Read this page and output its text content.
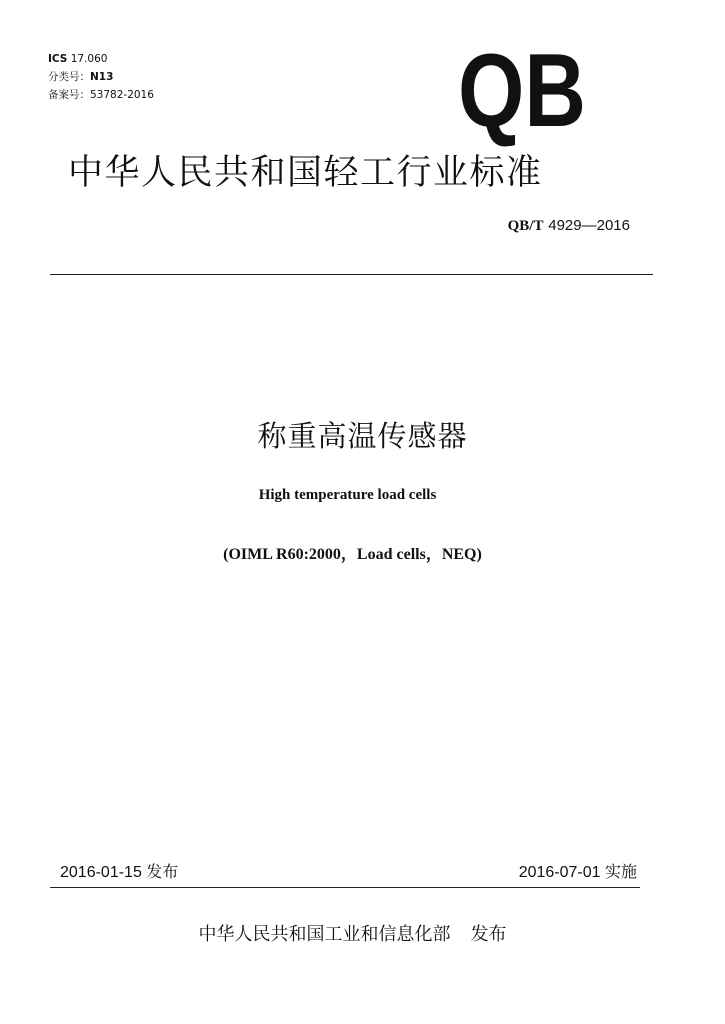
ICS 17.060
分类号：N13
备案号：53782-2016	QB
中华人民共和国轻工行业标准
QB/T 4929—2016
称重高温传感器
High temperature load cells
(OIML R60:2000，Load cells，NEQ)
2016-01-15 发布	2016-07-01 实施
中华人民共和国工业和信息化部 发布
